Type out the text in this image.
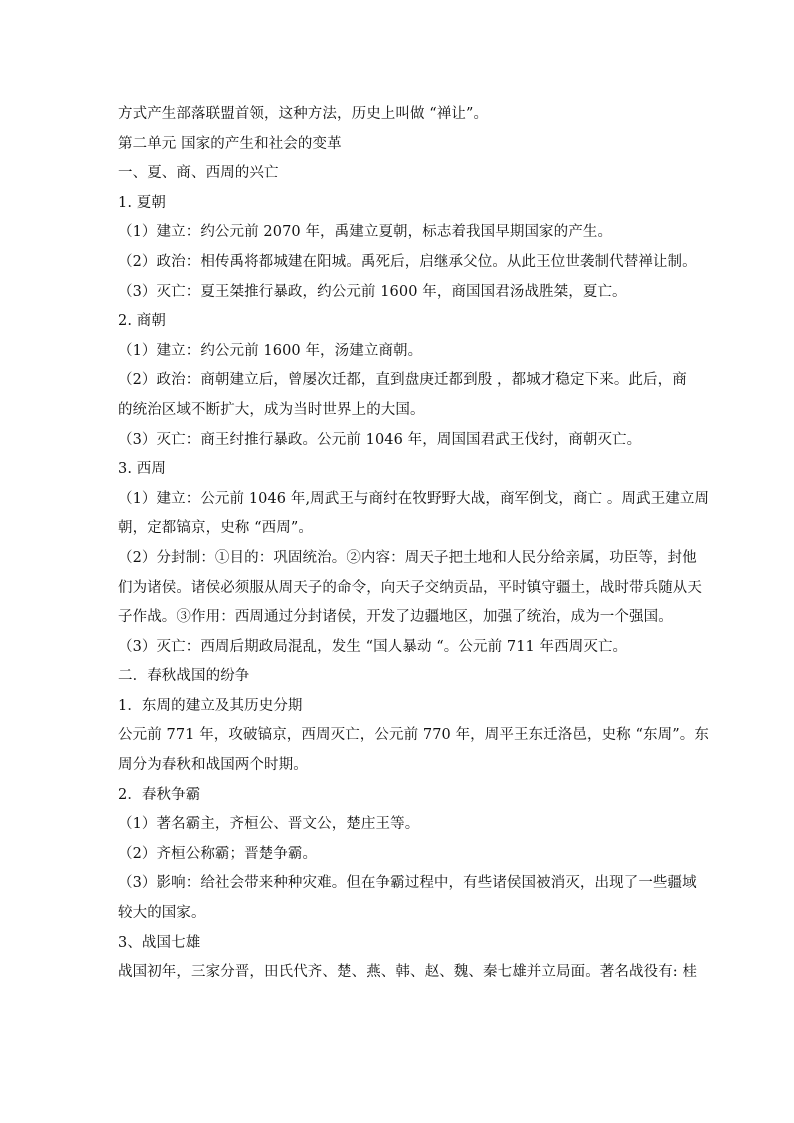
方式产生部落联盟首领，这种方法，历史上叫做 “禅让”。
第二单元 国家的产生和社会的变革
一、夏、商、西周的兴亡
1. 夏朝
（1）建立：约公元前 2070 年，禹建立夏朝，标志着我国早期国家的产生。
（2）政治：相传禹将都城建在阳城。禹死后，启继承父位。从此王位世袭制代替禅让制。
（3）灭亡：夏王桀推行暴政，约公元前 1600 年，商国国君汤战胜桀，夏亡。
2. 商朝
（1）建立：约公元前 1600 年，汤建立商朝。
（2）政治：商朝建立后，曾屡次迁都，直到盘庚迁都到殷 ，都城才稳定下来。此后，商
的统治区域不断扩大，成为当时世界上的大国。
（3）灭亡：商王纣推行暴政。公元前 1046 年，周国国君武王伐纣，商朝灭亡。
3. 西周
（1）建立：公元前 1046 年,周武王与商纣在牧野野大战，商军倒戈，商亡 。周武王建立周
朝，定都镐京，史称 “西周”。
（2）分封制：①目的：巩固统治。②内容：周天子把土地和人民分给亲属，功臣等，封他
们为诸侯。诸侯必须服从周天子的命令，向天子交纳贡品，平时镇守疆土，战时带兵随从天
子作战。③作用：西周通过分封诸侯，开发了边疆地区，加强了统治，成为一个强国。
（3）灭亡：西周后期政局混乱，发生 “国人暴动 “。公元前 711 年西周灭亡。
二．春秋战国的纷争
1．东周的建立及其历史分期
公元前 771 年，攻破镐京，西周灭亡，公元前 770 年，周平王东迁洛邑，史称 “东周”。东
周分为春秋和战国两个时期。
2．春秋争霸
（1）著名霸主，齐桓公、晋文公，楚庄王等。
（2）齐桓公称霸；晋楚争霸。
（3）影响：给社会带来种种灾难。但在争霸过程中，有些诸侯国被消灭，出现了一些疆域
较大的国家。
3、战国七雄
战国初年，三家分晋，田氏代齐、楚、燕、韩、赵、魏、秦七雄并立局面。著名战役有: 桂
